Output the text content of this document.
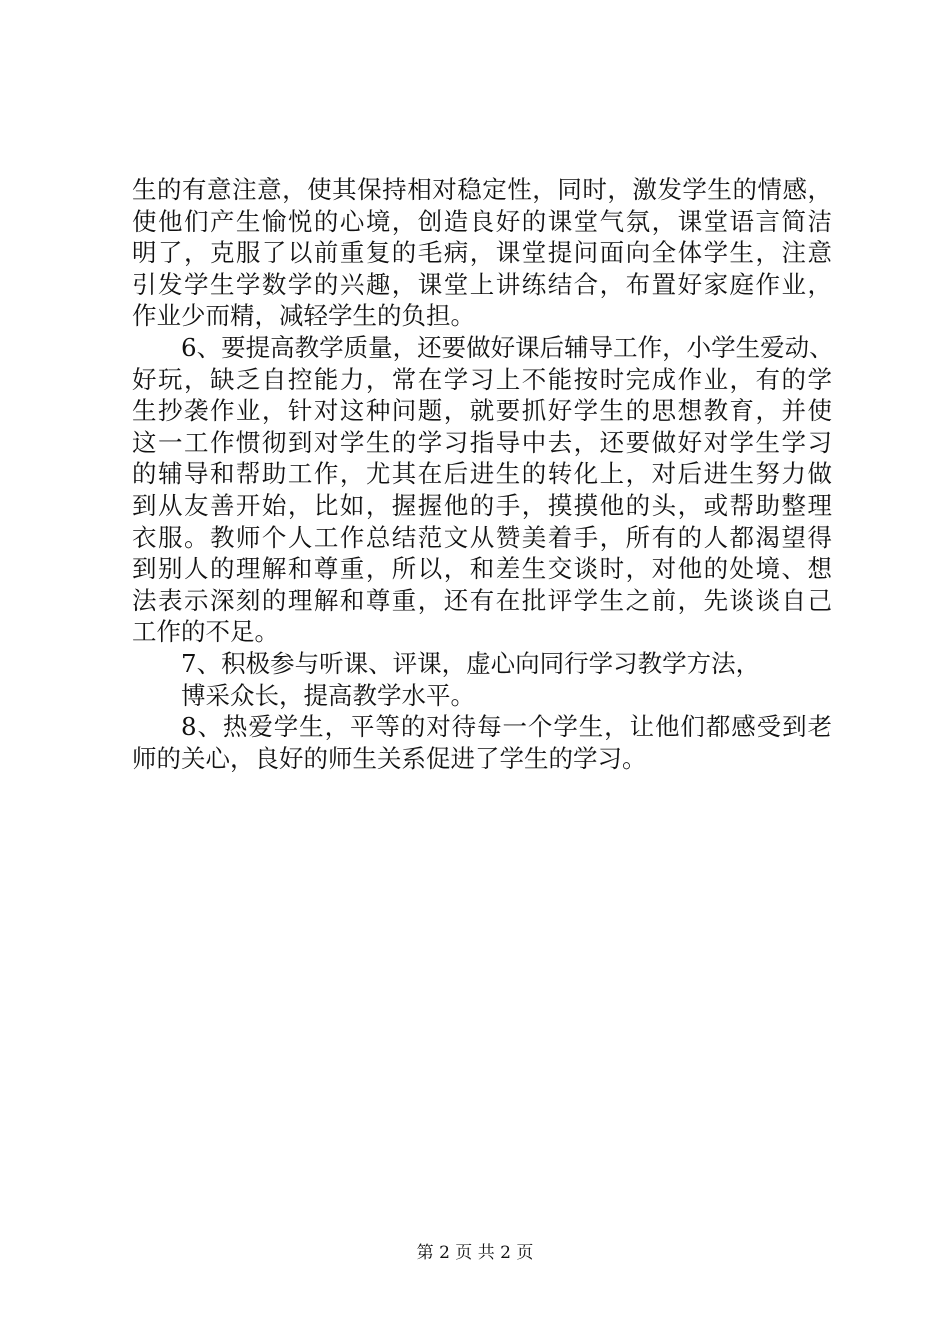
生的有意注意，使其保持相对稳定性，同时，激发学生的情感，
使他们产生愉悦的心境，创造良好的课堂气氛，课堂语言简洁
明了，克服了以前重复的毛病，课堂提问面向全体学生，注意
引发学生学数学的兴趣，课堂上讲练结合，布置好家庭作业，
作业少而精，减轻学生的负担。
6、要提高教学质量，还要做好课后辅导工作，小学生爱动、
好玩，缺乏自控能力，常在学习上不能按时完成作业，有的学
生抄袭作业，针对这种问题，就要抓好学生的思想教育，并使
这一工作惯彻到对学生的学习指导中去，还要做好对学生学习
的辅导和帮助工作，尤其在后进生的转化上，对后进生努力做
到从友善开始，比如，握握他的手，摸摸他的头，或帮助整理
衣服。教师个人工作总结范文从赞美着手，所有的人都渴望得
到别人的理解和尊重，所以，和差生交谈时，对他的处境、想
法表示深刻的理解和尊重，还有在批评学生之前，先谈谈自己
工作的不足。
7、积极参与听课、评课，虚心向同行学习教学方法，
博采众长，提高教学水平。
8、热爱学生，平等的对待每一个学生，让他们都感受到老
师的关心，良好的师生关系促进了学生的学习。
第 2 页 共 2 页
